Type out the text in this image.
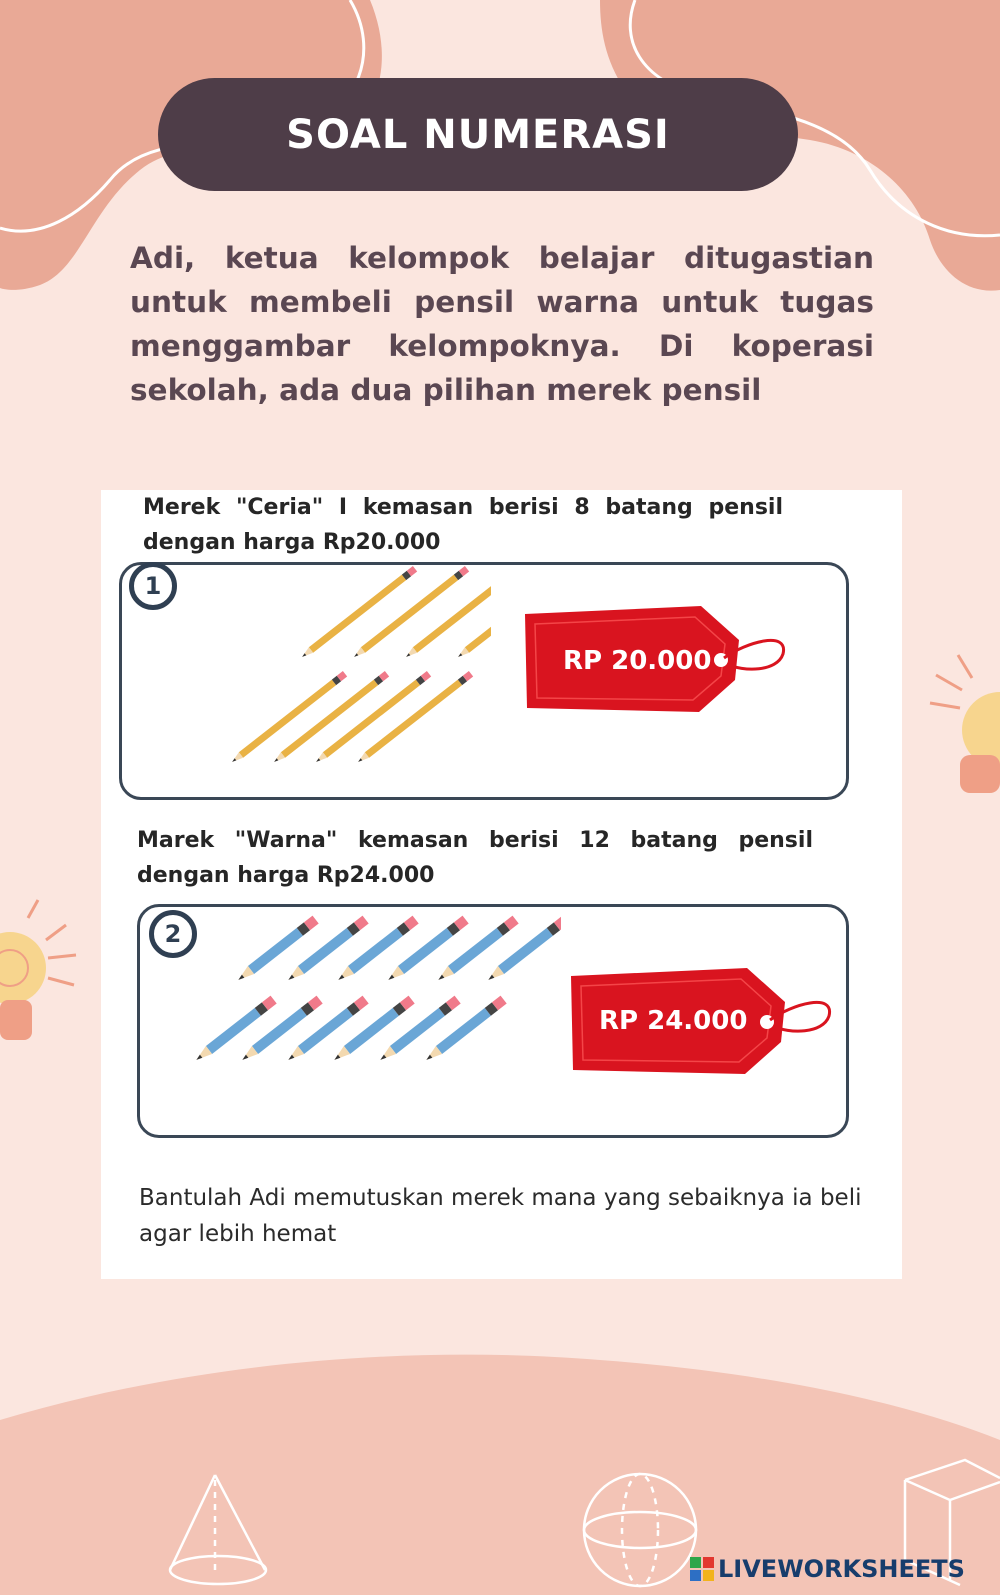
SOAL NUMERASI

Adi, ketua kelompok belajar ditugastian untuk membeli pensil warna untuk tugas menggambar kelompoknya. Di koperasi sekolah, ada dua pilihan merek pensil

Merek "Ceria" I kemasan berisi 8 batang pensil
dengan harga Rp20.000
1
RP 20.000
Marek "Warna" kemasan berisi 12 batang pensil
dengan harga Rp24.000
2
RP 24.000

Bantulah Adi memutuskan merek mana yang sebaiknya ia beli agar lebih hemat

LIVEWORKSHEETS
